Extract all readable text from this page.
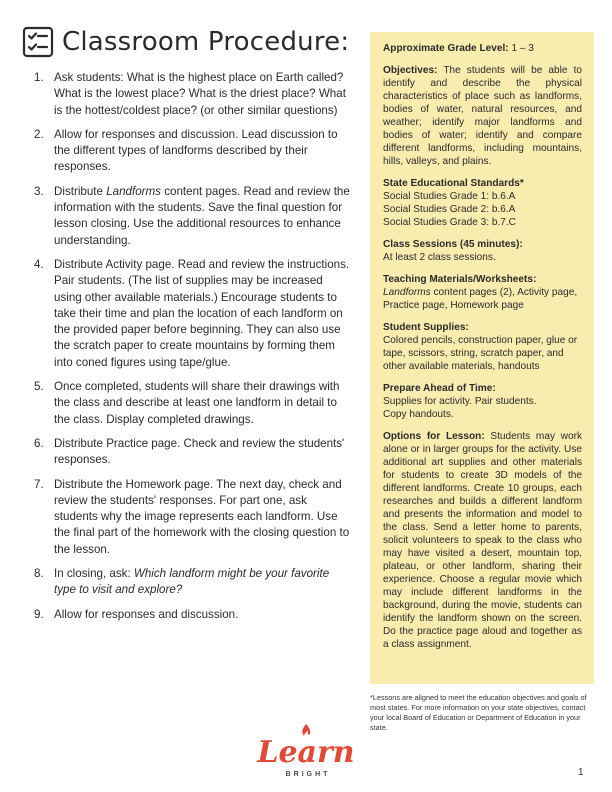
Classroom Procedure:
1. Ask students: What is the highest place on Earth called? What is the lowest place? What is the driest place? What is the hottest/coldest place? (or other similar questions)
2. Allow for responses and discussion. Lead discussion to the different types of landforms described by their responses.
3. Distribute Landforms content pages. Read and review the information with the students. Save the final question for lesson closing. Use the additional resources to enhance understanding.
4. Distribute Activity page. Read and review the instructions. Pair students. (The list of supplies may be increased using other available materials.) Encourage students to take their time and plan the location of each landform on the provided paper before beginning. They can also use the scratch paper to create mountains by forming them into coned figures using tape/glue.
5. Once completed, students will share their drawings with the class and describe at least one landform in detail to the class. Display completed drawings.
6. Distribute Practice page. Check and review the students' responses.
7. Distribute the Homework page. The next day, check and review the students' responses. For part one, ask students why the image represents each landform. Use the final part of the homework with the closing question to the lesson.
8. In closing, ask: Which landform might be your favorite type to visit and explore?
9. Allow for responses and discussion.
Approximate Grade Level: 1 – 3
Objectives: The students will be able to identify and describe the physical characteristics of place such as landforms, bodies of water, natural resources, and weather; identify major landforms and bodies of water; identify and compare different landforms, including mountains, hills, valleys, and plains.
State Educational Standards*
Social Studies Grade 1: b.6.A
Social Studies Grade 2: b.6.A
Social Studies Grade 3: b.7.C
Class Sessions (45 minutes):
At least 2 class sessions.
Teaching Materials/Worksheets:
Landforms content pages (2), Activity page, Practice page, Homework page
Student Supplies:
Colored pencils, construction paper, glue or tape, scissors, string, scratch paper, and other available materials, handouts
Prepare Ahead of Time:
Supplies for activity. Pair students.
Copy handouts.
Options for Lesson: Students may work alone or in larger groups for the activity. Use additional art supplies and other materials for students to create 3D models of the different landforms. Create 10 groups, each researches and builds a different landform and presents the information and model to the class. Send a letter home to parents, solicit volunteers to speak to the class who may have visited a desert, mountain top, plateau, or other landform, sharing their experience. Choose a regular movie which may include different landforms in the background, during the movie, students can identify the landform shown on the screen. Do the practice page aloud and together as a class assignment.
*Lessons are aligned to meet the education objectives and goals of most states. For more information on your state objectives, contact your local Board of Education or Department of Education in your state.
Learn
BRIGHT	1
